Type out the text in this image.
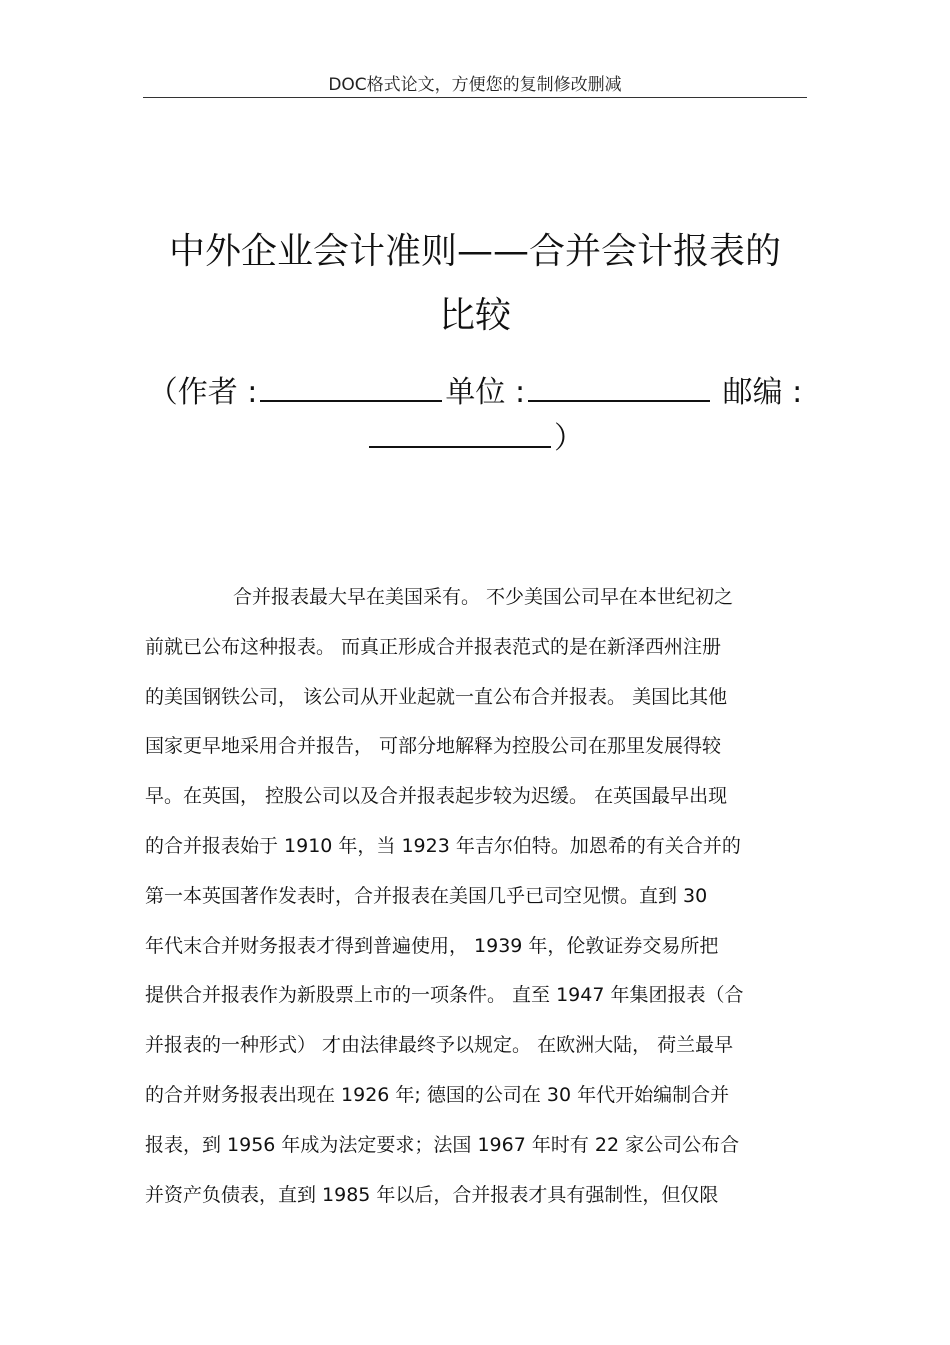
DOC格式论文，方便您的复制修改删减
中外企业会计准则——合并会计报表的
比较
（作者 :	单位 :	邮编 :
）
合并报表最大早在美国采有。 不少美国公司早在本世纪初之
前就已公布这种报表。 而真正形成合并报表范式的是在新泽西州注册
的美国钢铁公司， 该公司从开业起就一直公布合并报表。 美国比其他
国家更早地采用合并报告， 可部分地解释为控股公司在那里发展得较
早。在英国， 控股公司以及合并报表起步较为迟缓。 在英国最早出现
的合并报表始于 1910 年，当 1923 年吉尔伯特。加恩希的有关合并的
第一本英国著作发表时，合并报表在美国几乎已司空见惯。直到 30
年代末合并财务报表才得到普遍使用， 1939 年，伦敦证券交易所把
提供合并报表作为新股票上市的一项条件。 直至 1947 年集团报表（合
并报表的一种形式） 才由法律最终予以规定。 在欧洲大陆， 荷兰最早
的合并财务报表出现在 1926 年; 德国的公司在 30 年代开始编制合并
报表，到 1956 年成为法定要求；法国 1967 年时有 22 家公司公布合
并资产负债表，直到 1985 年以后，合并报表才具有强制性，但仅限
